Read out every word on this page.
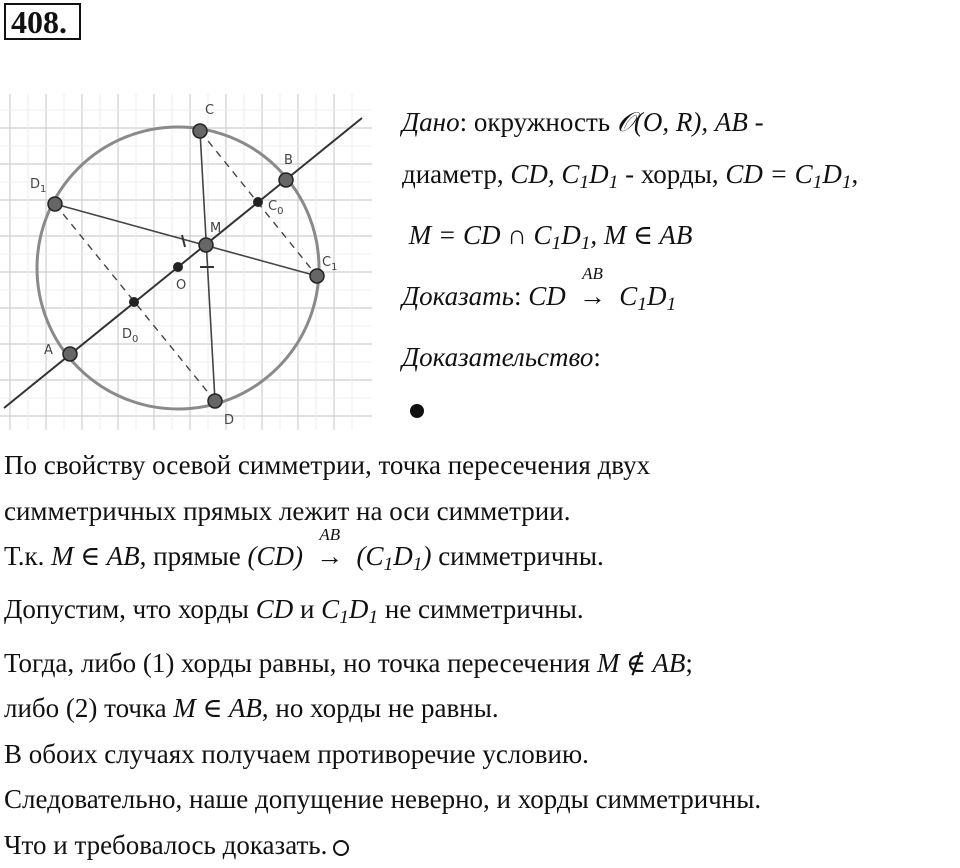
408.
C
B
$D_1$
$C_0$
M
$C_1$
O
$D_0$
A
D
Дано: окружность 𝒪(O, R), AB -
диаметр, CD, $C_1D_1$ - хорды, CD = $C_1D_1$,
M = CD ∩ $C_1D_1$, M ∈ AB
Доказать: CD
AB
→ $C_1D_1$
Доказательство:
По свойству осевой симметрии, точка пересечения двух
симметричных прямых лежит на оси симметрии.
Т.к. M ∈ AB, прямые (CD)
AB
→ $(C_1D_1)$ симметричны.
Допустим, что хорды CD и $C_1D_1$ не симметричны.
Тогда, либо (1) хорды равны, но точка пересечения M ∉ AB;
либо (2) точка M ∈ AB, но хорды не равны.
В обоих случаях получаем противоречие условию.
Следовательно, наше допущение неверно, и хорды симметричны.
Что и требовалось доказать.
